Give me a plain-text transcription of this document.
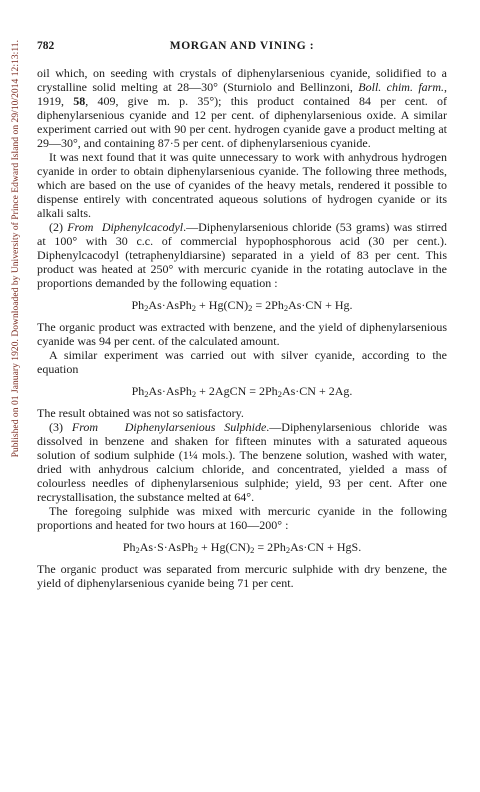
Published on 01 January 1920. Downloaded by University of Prince Edward Island on 29/10/2014 12:13:11. 782	MORGAN AND VINING :

oil which, on seeding with crystals of diphenylarsenious cyanide, solidified to a crystalline solid melting at 28—30° (Sturniolo and Bellinzoni, Boll. chim. farm., 1919, 58, 409, give m. p. 35°); this product contained 84 per cent. of diphenylarsenious cyanide and 12 per cent. of diphenylarsenious oxide. A similar experiment carried out with 90 per cent. hydrogen cyanide gave a product melting at 29—30°, and containing 87·5 per cent. of diphenylarsenious cyanide.

It was next found that it was quite unnecessary to work with anhydrous hydrogen cyanide in order to obtain diphenylarsenious cyanide. The following three methods, which are based on the use of cyanides of the heavy metals, rendered it possible to dispense entirely with concentrated aqueous solutions of hydrogen cyanide or its alkali salts.

(2) From Diphenylcacodyl.—Diphenylarsenious chloride (53 grams) was stirred at 100° with 30 c.c. of commercial hypophosphorous acid (30 per cent.). Diphenylcacodyl (tetraphenyldiarsine) separated in a yield of 83 per cent. This product was heated at 250° with mercuric cyanide in the rotating autoclave in the proportions demanded by the following equation :

$Ph_2As\cdot AsPh_2 + Hg(CN)_2 = 2Ph_2As\cdot CN + Hg$.

The organic product was extracted with benzene, and the yield of diphenylarsenious cyanide was 94 per cent. of the calculated amount.

A similar experiment was carried out with silver cyanide, according to the equation

$Ph_2As\cdot AsPh_2$ + 2AgCN = $2Ph_2As\cdot CN + 2Ag$.

The result obtained was not so satisfactory.

(3) From Diphenylarsenious Sulphide.—Diphenylarsenious chloride was dissolved in benzene and shaken for fifteen minutes with a saturated aqueous solution of sodium sulphide (1¼ mols.). The benzene solution, washed with water, dried with anhydrous calcium chloride, and concentrated, yielded a mass of colourless needles of diphenylarsenious sulphide; yield, 93 per cent. After one recrystallisation, the substance melted at 64°.

The foregoing sulphide was mixed with mercuric cyanide in the following proportions and heated for two hours at 160—200° :

$Ph_2As\cdot S\cdot AsPh_2 + Hg(CN)_2 = 2Ph_2As\cdot CN$ + HgS.

The organic product was separated from mercuric sulphide with dry benzene, the yield of diphenylarsenious cyanide being 71 per cent.
